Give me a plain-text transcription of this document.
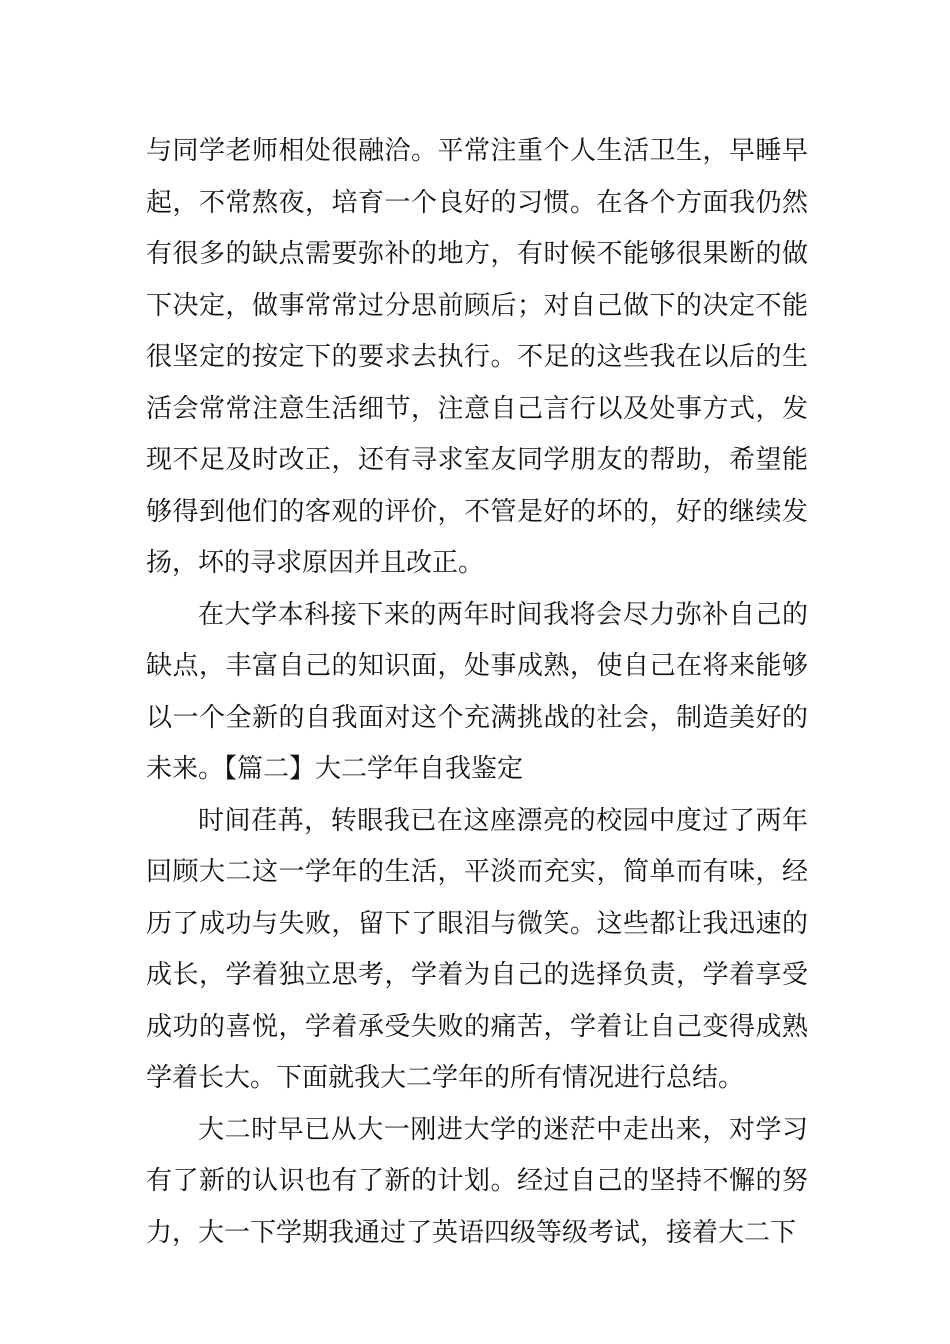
与同学老师相处很融洽。平常注重个人生活卫生，早睡早起，不常熬夜，培育一个良好的习惯。在各个方面我仍然有很多的缺点需要弥补的地方，有时候不能够很果断的做下决定，做事常常过分思前顾后；对自己做下的决定不能很坚定的按定下的要求去执行。不足的这些我在以后的生活会常常注意生活细节，注意自己言行以及处事方式，发现不足及时改正，还有寻求室友同学朋友的帮助，希望能够得到他们的客观的评价，不管是好的坏的，好的继续发扬，坏的寻求原因并且改正。

在大学本科接下来的两年时间我将会尽力弥补自己的缺点，丰富自己的知识面，处事成熟，使自己在将来能够以一个全新的自我面对这个充满挑战的社会，制造美好的未来。【篇二】大二学年自我鉴定

时间荏苒，转眼我已在这座漂亮的校园中度过了两年回顾大二这一学年的生活，平淡而充实，简单而有味，经历了成功与失败，留下了眼泪与微笑。这些都让我迅速的成长，学着独立思考，学着为自己的选择负责，学着享受成功的喜悦，学着承受失败的痛苦，学着让自己变得成熟学着长大。下面就我大二学年的所有情况进行总结。

大二时早已从大一刚进大学的迷茫中走出来，对学习有了新的认识也有了新的计划。经过自己的坚持不懈的努力，大一下学期我通过了英语四级等级考试，接着大二下
